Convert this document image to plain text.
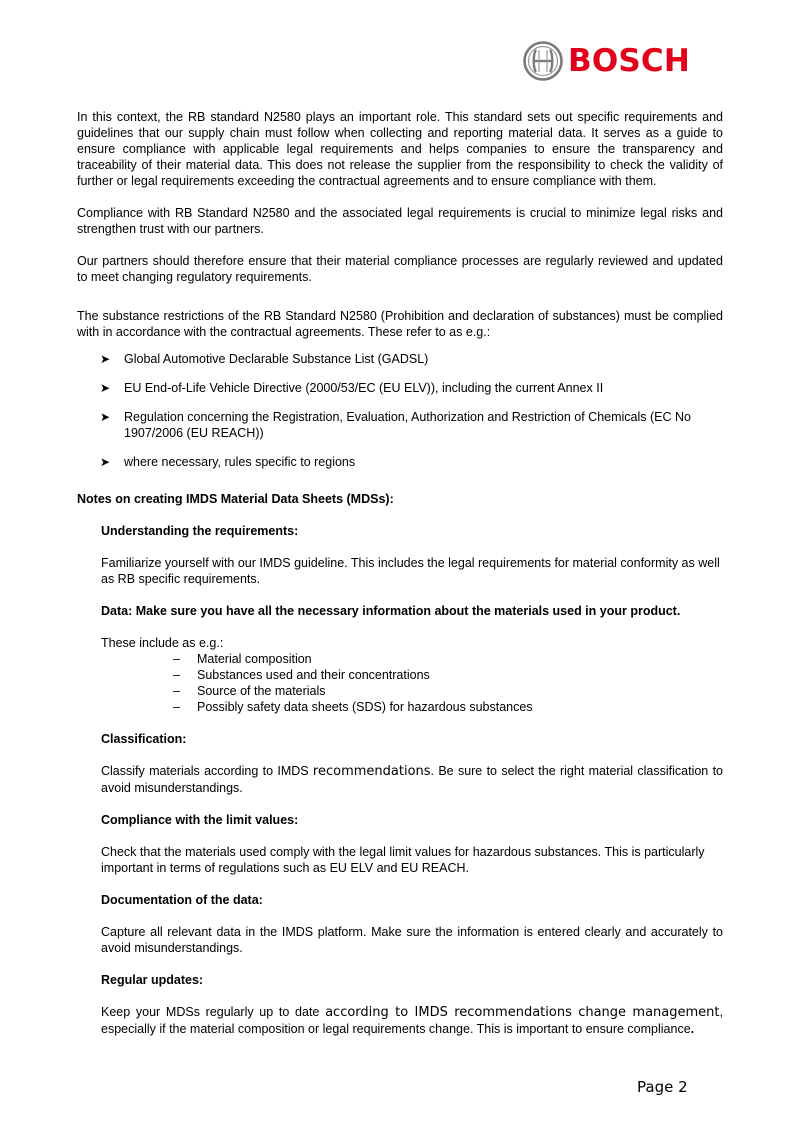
BOSCH

In this context, the RB standard N2580 plays an important role. This standard sets out specific requirements and guidelines that our supply chain must follow when collecting and reporting material data. It serves as a guide to ensure compliance with applicable legal requirements and helps companies to ensure the transparency and traceability of their material data. This does not release the supplier from the responsibility to check the validity of further or legal requirements exceeding the contractual agreements and to ensure compliance with them.

Compliance with RB Standard N2580 and the associated legal requirements is crucial to minimize legal risks and strengthen trust with our partners.

Our partners should therefore ensure that their material compliance processes are regularly reviewed and updated to meet changing regulatory requirements.

The substance restrictions of the RB Standard N2580 (Prohibition and declaration of substances) must be complied with in accordance with the contractual agreements. These refer to as e.g.:

➤ Global Automotive Declarable Substance List (GADSL)
➤ EU End-of-Life Vehicle Directive (2000/53/EC (EU ELV)), including the current Annex II
➤ Regulation concerning the Registration, Evaluation, Authorization and Restriction of Chemicals (EC No 1907/2006 (EU REACH))
➤ where necessary, rules specific to regions

Notes on creating IMDS Material Data Sheets (MDSs):

Understanding the requirements:

Familiarize yourself with our IMDS guideline. This includes the legal requirements for material conformity as well as RB specific requirements.

Data: Make sure you have all the necessary information about the materials used in your product.

These include as e.g.:

– Material composition
– Substances used and their concentrations
– Source of the materials
– Possibly safety data sheets (SDS) for hazardous substances

Classification:

Classify materials according to IMDS recommendations. Be sure to select the right material classification to avoid misunderstandings.

Compliance with the limit values:

Check that the materials used comply with the legal limit values for hazardous substances. This is particularly important in terms of regulations such as EU ELV and EU REACH.

Documentation of the data:

Capture all relevant data in the IMDS platform. Make sure the information is entered clearly and accurately to avoid misunderstandings.

Regular updates:

Keep your MDSs regularly up to date according to IMDS recommendations change management, especially if the material composition or legal requirements change. This is important to ensure compliance.

Page 2
